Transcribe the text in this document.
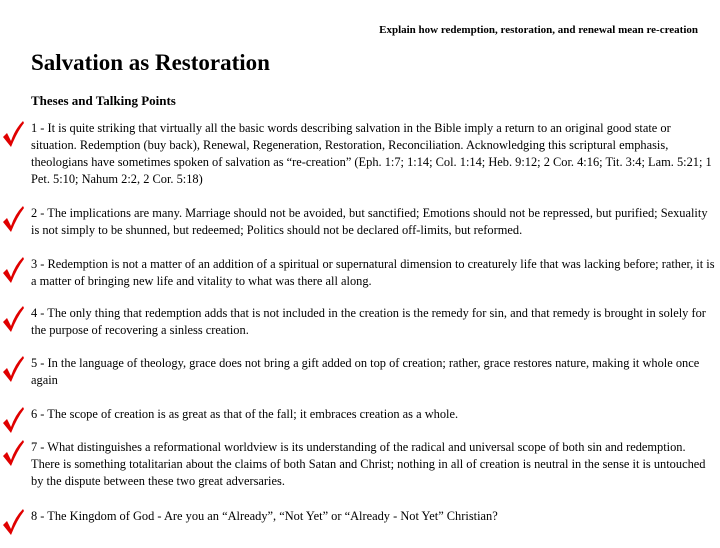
Explain how redemption, restoration, and renewal mean re-creation
Salvation as Restoration
Theses and Talking Points
1 - It is quite striking that virtually all the basic words describing salvation in the Bible imply a return to an original good state or situation. Redemption (buy back), Renewal, Regeneration, Restoration, Reconciliation. Acknowledging this scriptural emphasis, theologians have sometimes spoken of salvation as “re-creation” (Eph. 1:7; 1:14; Col. 1:14; Heb. 9:12; 2 Cor. 4:16; Tit. 3:4; Lam. 5:21; 1 Pet. 5:10; Nahum 2:2, 2 Cor. 5:18)
2 - The implications are many. Marriage should not be avoided, but sanctified; Emotions should not be repressed, but purified; Sexuality is not simply to be shunned, but redeemed; Politics should not be declared off-limits, but reformed.
3 - Redemption is not a matter of an addition of a spiritual or supernatural dimension to creaturely life that was lacking before; rather, it is a matter of bringing new life and vitality to what was there all along.
4 - The only thing that redemption adds that is not included in the creation is the remedy for sin, and that remedy is brought in solely for the purpose of recovering a sinless creation.
5 - In the language of theology, grace does not bring a gift added on top of creation; rather, grace restores nature, making it whole once again
6 - The scope of creation is as great as that of the fall; it embraces creation as a whole.
7 - What distinguishes a reformational worldview is its understanding of the radical and universal scope of both sin and redemption. There is something totalitarian about the claims of both Satan and Christ; nothing in all of creation is neutral in the sense it is untouched by the dispute between these two great adversaries.
8 - The Kingdom of God - Are you an “Already”, “Not Yet” or “Already - Not Yet” Christian?
